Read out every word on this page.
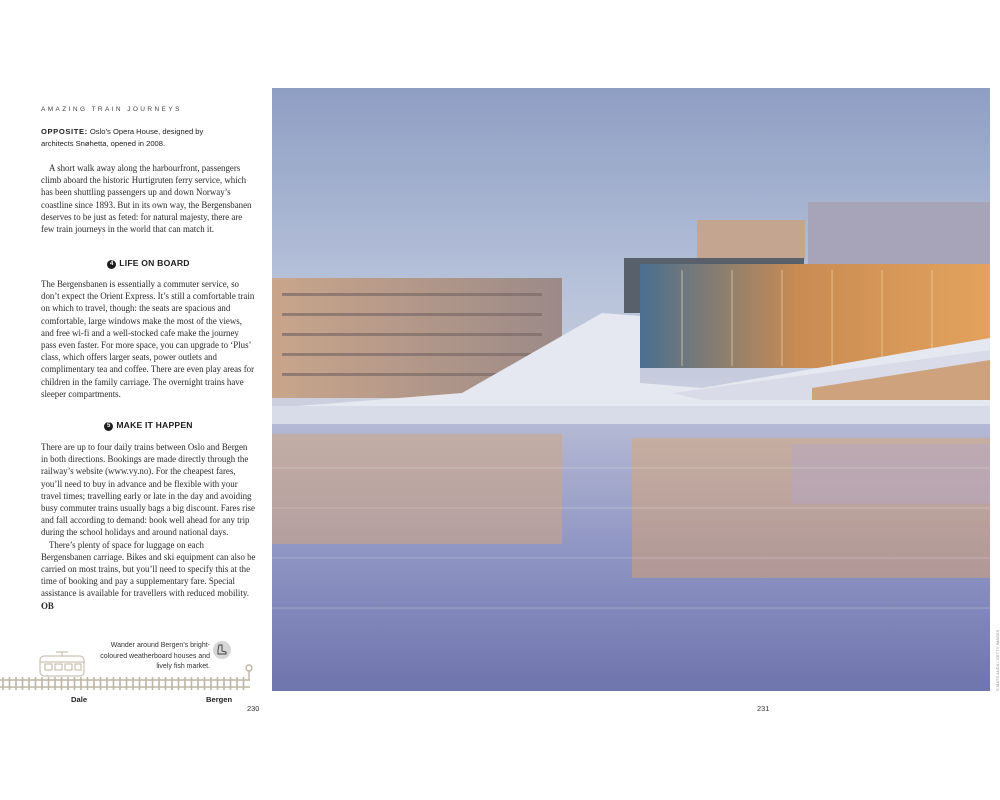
AMAZING TRAIN JOURNEYS
OPPOSITE: Oslo’s Opera House, designed by architects Snøhetta, opened in 2008.

A short walk away along the harbourfront, passengers climb aboard the historic Hurtigruten ferry service, which has been shuttling passengers up and down Norway’s coastline since 1893. But in its own way, the Bergensbanen deserves to be just as feted: for natural majesty, there are few train journeys in the world that can match it.

4 LIFE ON BOARD

The Bergensbanen is essentially a commuter service, so don’t expect the Orient Express. It’s still a comfortable train on which to travel, though: the seats are spacious and comfortable, large windows make the most of the views, and free wi-fi and a well-stocked cafe make the journey pass even faster. For more space, you can upgrade to ‘Plus’ class, which offers larger seats, power outlets and complimentary tea and coffee. There are even play areas for children in the family carriage. The overnight trains have sleeper compartments.

5 MAKE IT HAPPEN

There are up to four daily trains between Oslo and Bergen in both directions. Bookings are made directly through the railway’s website (www.vy.no). For the cheapest fares, you’ll need to buy in advance and be flexible with your travel times; travelling early or late in the day and avoiding busy commuter trains usually bags a big discount. Fares rise and fall according to demand: book well ahead for any trip during the school holidays and around national days.

There’s plenty of space for luggage on each Bergensbanen carriage. Bikes and ski equipment can also be carried on most trains, but you’ll need to specify this at the time of booking and pay a supplementary fare. Special assistance is available for travellers with reduced mobility. OB

Wander around Bergen’s bright-coloured weatherboard houses and lively fish market.
Dale	Bergen
230	231
© MATS ANDA / GETTY IMAGES
